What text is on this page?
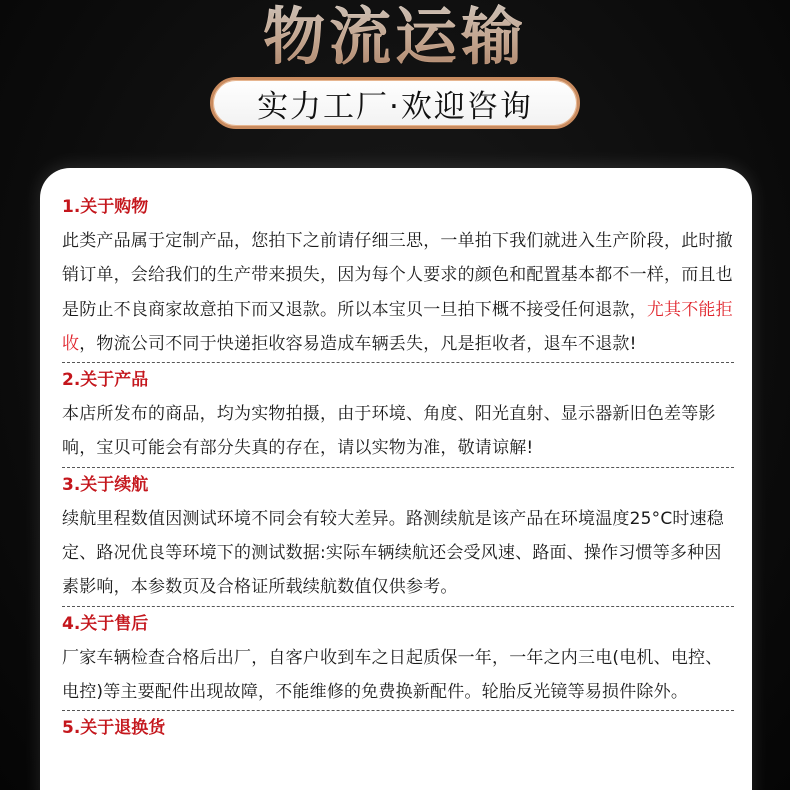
物流运输
实力工厂·欢迎咨询
1.关于购物
此类产品属于定制产品，您拍下之前请仔细三思，一单拍下我们就进入生产阶段，此时撤销订单，会给我们的生产带来损失，因为每个人要求的颜色和配置基本都不一样，而且也是防止不良商家故意拍下而又退款。所以本宝贝一旦拍下概不接受任何退款，尤其不能拒收，物流公司不同于快递拒收容易造成车辆丢失，凡是拒收者，退车不退款!
2.关于产品
本店所发布的商品，均为实物拍摄，由于环境、角度、阳光直射、显示器新旧色差等影响，宝贝可能会有部分失真的存在，请以实物为准，敬请谅解!
3.关于续航
续航里程数值因测试环境不同会有较大差异。路测续航是该产品在环境温度25°C时速稳定、路况优良等环境下的测试数据:实际车辆续航还会受风速、路面、操作习惯等多种因素影响，本参数页及合格证所载续航数值仅供参考。
4.关于售后
厂家车辆检查合格后出厂，自客户收到车之日起质保一年，一年之内三电(电机、电控、电控)等主要配件出现故障，不能维修的免费换新配件。轮胎反光镜等易损件除外。
5.关于退换货
